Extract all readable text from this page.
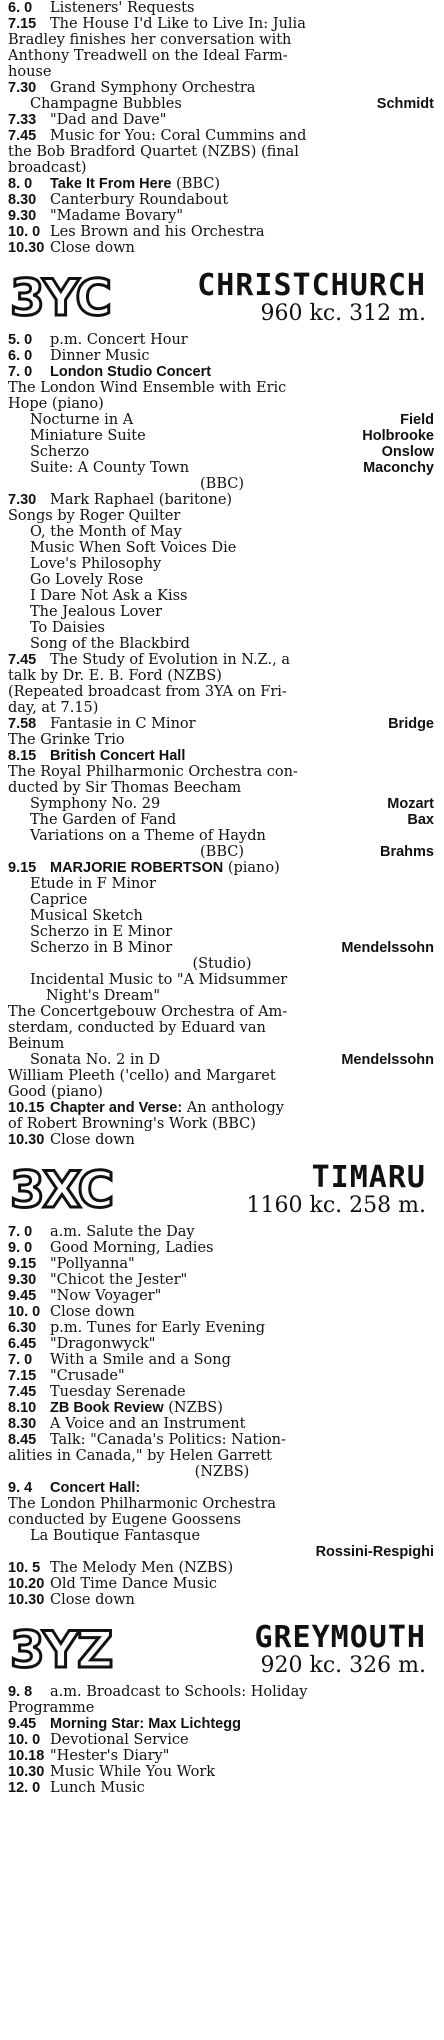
6. 0 Listeners' Requests
7.15 The House I'd Like to Live In: Julia
Bradley finishes her conversation with
Anthony Treadwell on the Ideal Farm-
house
7.30 Grand Symphony Orchestra
Champagne Bubbles	Schmidt
7.33 "Dad and Dave"
7.45 Music for You: Coral Cummins and
the Bob Bradford Quartet (NZBS) (final
broadcast)
8. 0 Take It From Here (BBC)
8.30 Canterbury Roundabout
9.30 "Madame Bovary"
10. 0 Les Brown and his Orchestra
10.30 Close down
3YC	CHRISTCHURCH
960 kc. 312 m.
5. 0 p.m. Concert Hour
6. 0 Dinner Music
7. 0 London Studio Concert
The London Wind Ensemble with Eric
Hope (piano)
Nocturne in A	Field
Miniature Suite	Holbrooke
Scherzo	Onslow
Suite: A County Town	Maconchy
(BBC)
7.30 Mark Raphael (baritone)
Songs by Roger Quilter
O, the Month of May
Music When Soft Voices Die
Love's Philosophy
Go Lovely Rose
I Dare Not Ask a Kiss
The Jealous Lover
To Daisies
Song of the Blackbird
7.45 The Study of Evolution in N.Z., a
talk by Dr. E. B. Ford (NZBS)
(Repeated broadcast from 3YA on Fri-
day, at 7.15)
7.58 Fantasie in C Minor	Bridge
The Grinke Trio
8.15 British Concert Hall
The Royal Philharmonic Orchestra con-
ducted by Sir Thomas Beecham
Symphony No. 29	Mozart
The Garden of Fand	Bax
Variations on a Theme of Haydn
(BBC)	Brahms
9.15 MARJORIE ROBERTSON (piano)
Etude in F Minor
Caprice
Musical Sketch
Scherzo in E Minor
Scherzo in B Minor	Mendelssohn
(Studio)
Incidental Music to "A Midsummer
Night's Dream"
The Concertgebouw Orchestra of Am-
sterdam, conducted by Eduard van
Beinum
Sonata No. 2 in D	Mendelssohn
William Pleeth ('cello) and Margaret
Good (piano)
10.15 Chapter and Verse: An anthology
of Robert Browning's Work (BBC)
10.30 Close down
3XC	TIMARU
1160 kc. 258 m.
7. 0 a.m. Salute the Day
9. 0 Good Morning, Ladies
9.15 "Pollyanna"
9.30 "Chicot the Jester"
9.45 "Now Voyager"
10. 0 Close down
6.30 p.m. Tunes for Early Evening
6.45 "Dragonwyck"
7. 0 With a Smile and a Song
7.15 "Crusade"
7.45 Tuesday Serenade
8.10 ZB Book Review (NZBS)
8.30 A Voice and an Instrument
8.45 Talk: "Canada's Politics: Nation-
alities in Canada," by Helen Garrett
(NZBS)
9. 4 Concert Hall:
The London Philharmonic Orchestra
conducted by Eugene Goossens
La Boutique Fantasque
Rossini-Respighi
10. 5 The Melody Men (NZBS)
10.20 Old Time Dance Music
10.30 Close down
3YZ	GREYMOUTH
920 kc. 326 m.
9. 8 a.m. Broadcast to Schools: Holiday
Programme
9.45 Morning Star: Max Lichtegg
10. 0 Devotional Service
10.18 "Hester's Diary"
10.30 Music While You Work
12. 0 Lunch Music
